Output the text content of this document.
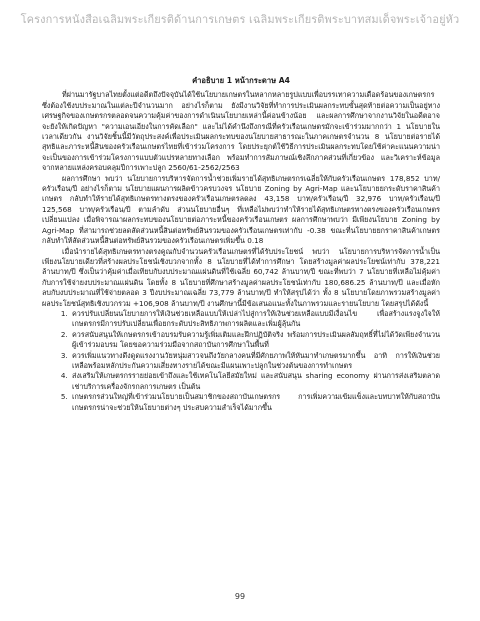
โครงการหนังสือเฉลิมพระเกียรติด้านการเกษตร เฉลิมพระเกียรติพระบาทสมเด็จพระเจ้าอยู่หัว
คำอธิบาย 1 หน้ากระดาษ A4

ที่ผ่านมารัฐบาลไทยตั้งแต่อดีตถึงปัจจุบันได้ใช้นโยบายเกษตรในหลากหลายรูปแบบเพื่อบรรเทาความเดือดร้อนของเกษตรกร ซึ่งต้องใช้งบประมาณในแต่ละปีจำนวนมาก อย่างไรก็ตาม ยังมีงานวิจัยที่ทำการประเมินผลกระทบขั้นสุดท้ายต่อความเป็นอยู่ทางเศรษฐกิจของเกษตรกรตลอดจนความคุ้มค่าของการดำเนินนโยบายเหล่านี้ค่อนข้างน้อย และผลการศึกษาจากงานวิจัยในอดีตอาจจะยังให้เกิดปัญหา "ความเอนเอียงในการคัดเลือก" และไม่ได้คำนึงถึงกรณีที่ครัวเรือนเกษตรมักจะเข้าร่วมมากกว่า 1 นโยบายในเวลาเดียวกัน งานวิจัยชิ้นนี้มีวัตถุประสงค์เพื่อประเมินผลกระทบของนโยบายสาธารณะในภาคเกษตรจำนวน 8 นโยบายต่อรายได้สุทธิและภาระหนี้สินของครัวเรือนเกษตรไทยที่เข้าร่วมโครงการ โดยประยุกต์ใช้วิธีการประเมินผลกระทบโดยใช้ค่าคะแนนความน่าจะเป็นของการเข้าร่วมโครงการแบบตัวแปรหลายทางเลือก พร้อมทำการสัมภาษณ์เชิงลึกภาคส่วนที่เกี่ยวข้อง และวิเคราะห์ข้อมูลจากหลายแหล่งครอบคลุมปีการเพาะปลูก 2560/61-2562/2563

ผลการศึกษา พบว่า นโยบายการบริหารจัดการน้ำช่วยเพิ่มรายได้สุทธิเกษตรกรเฉลี่ยให้กับครัวเรือนเกษตร 178,852 บาท/ครัวเรือน/ปี อย่างไรก็ตาม นโยบายแผนการผลิตข้าวครบวงจร นโยบาย Zoning by Agri-Map และนโยบายยกระดับราคาสินค้าเกษตร กลับทำให้รายได้สุทธิเกษตรทางตรงของครัวเรือนเกษตรลดลง 43,158 บาท/ครัวเรือน/ปี 32,976 บาท/ครัวเรือน/ปี 125,568 บาท/ครัวเรือน/ปี ตามลำดับ ส่วนนโยบายอื่นๆ ที่เหลือไม่พบว่าทำให้รายได้สุทธิเกษตรทางตรงของครัวเรือนเกษตรเปลี่ยนแปลง เมื่อพิจารณาผลกระทบของนโยบายต่อภาระหนี้ของครัวเรือนเกษตร ผลการศึกษาพบว่า มีเพียงนโยบาย Zoning by Agri-Map ที่สามารถช่วยลดสัดส่วนหนี้สินต่อทรัพย์สินรวมของครัวเรือนเกษตรเท่ากับ -0.38 ขณะที่นโยบายยกราคาสินค้าเกษตรกลับทำให้สัดส่วนหนี้สินต่อทรัพย์สินรวมของครัวเรือนเกษตรเพิ่มขึ้น 0.18

เมื่อนำรายได้สุทธิเกษตรทางตรงคูณกับจำนวนครัวเรือนเกษตรที่ได้รับประโยชน์ พบว่า นโยบายการบริหารจัดการน้ำเป็นเพียงนโยบายเดียวที่สร้างผลประโยชน์เชิงบวกจากทั้ง 8 นโยบายที่ได้ทำการศึกษา โดยสร้างมูลค่าผลประโยชน์เท่ากับ 378,221 ล้านบาท/ปี ซึ่งเป็นว่าคุ้มค่าเมื่อเทียบกับงบประมาณแผ่นดินที่ใช้เฉลี่ย 60,742 ล้านบาท/ปี ขณะที่พบว่า 7 นโยบายที่เหลือไม่คุ้มค่ากับการใช้จ่ายงบประมาณแผ่นดิน โดยทั้ง 8 นโยบายที่ศึกษาสร้างมูลค่าผลประโยชน์เท่ากับ 180,686.25 ล้านบาท/ปี และเมื่อหักลบกับงบประมาณที่ใช้จ่ายตลอด 3 ปีงบประมาณเฉลี่ย 73,779 ล้านบาท/ปี ทำให้สรุปได้ว่า ทั้ง 8 นโยบายโดยภาพรวมสร้างมูลค่าผลประโยชน์สุทธิเชิงบวกรวม +106,908 ล้านบาท/ปี งานศึกษานี้มีข้อเสนอแนะทั้งในภาพรวมและรายนโยบาย โดยสรุปได้ดังนี้

1. ควรปรับเปลี่ยนนโยบายการให้เงินช่วยเหลือแบบให้เปล่าไปสู่การให้เงินช่วยเหลือแบบมีเงื่อนไข เพื่อสร้างแรงจูงใจให้เกษตรกรมีการปรับเปลี่ยนเพื่อยกระดับประสิทธิภาพการผลิตและเพิ่มผู้ลุ้นกัน
2. ควรสนับสนุนให้เกษตรกรเข้าอบรมรับความรู้เพิ่มเติมและฝึกปฏิบัติจริง พร้อมการประเมินผลสัมฤทธิ์ที่ไม่ได้วัดเพียงจำนวนผู้เข้าร่วมอบรม โดยขอความร่วมมือจากสถาบันการศึกษาในพื้นที่
3. ควรเพิ่มแนวทางดึงดูดแรงงานวัยหนุ่มสาวจนถึงวัยกลางคนที่มีศักยภาพให้หันมาทำเกษตรมากขึ้น อาทิ การให้เงินช่วยเหลือพร้อมหลักประกันความเสี่ยงทางรายได้ขณะมีแผนเพาะปลูกในช่วงต้นของการทำเกษตร
4. ส่งเสริมให้เกษตรกรรายย่อยเข้าถึงและใช้เทคโนโลยีสมัยใหม่ และสนับสนุน sharing economy ผ่านการส่งเสริมตลาดเช่าบริการเครื่องจักรกลการเกษตร เป็นต้น
5. เกษตรกรส่วนใหญ่ที่เข้าร่วมนโยบายเป็นสมาชิกของสถาบันเกษตรกร การเพิ่มความเข้มแข็งและบทบาทให้กับสถาบันเกษตรกรน่าจะช่วยให้นโยบายต่างๆ ประสบความสำเร็จได้มากขึ้น
99
